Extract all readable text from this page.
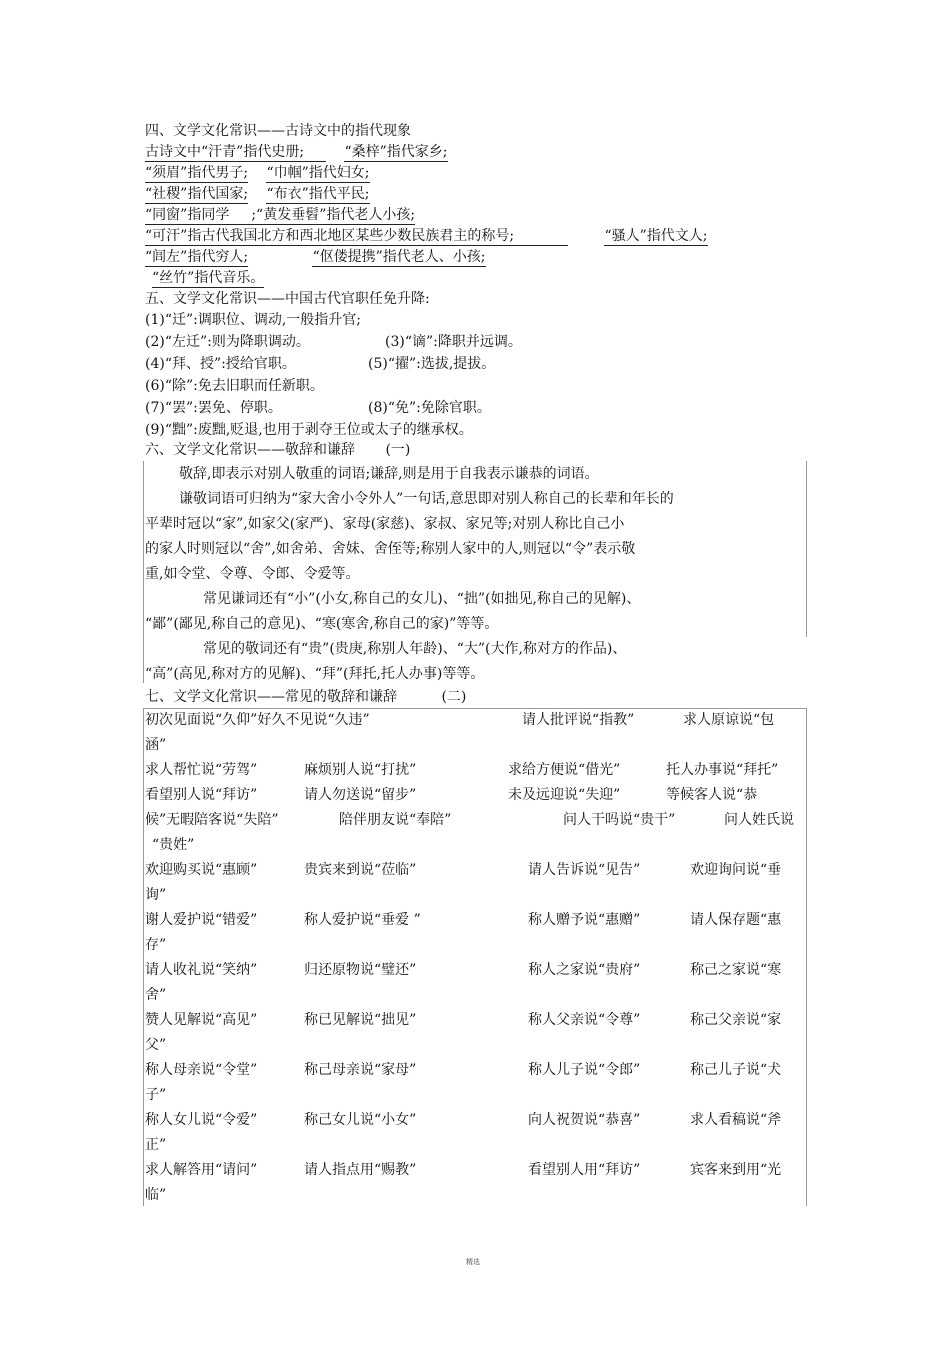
四、文学文化常识——古诗文中的指代现象
古诗文中“汗青”指代史册;	“桑梓”指代家乡;
“须眉”指代男子; “巾帼”指代妇女;
“社稷”指代国家; “布衣”指代平民;
“同窗”指同学 ;“黄发垂髫”指代老人小孩;
“可汗”指古代我国北方和西北地区某些少数民族君主的称号;	“骚人”指代文人;
“闾左”指代穷人;	“伛偻提携”指代老人、小孩;
“丝竹”指代音乐。
五、文学文化常识——中国古代官职任免升降:
(1)“迁”:调职位、调动,一般指升官;
(2)“左迁”:则为降职调动。	(3)“谪”:降职并远调。
(4)“拜、授”:授给官职。	(5)“擢”:选拔,提拔。
(6)“除”:免去旧职而任新职。
(7)“罢”:罢免、停职。	(8)“免”:免除官职。
(9)“黜”:废黜,贬退,也用于剥夺王位或太子的继承权。
六、文学文化常识——敬辞和谦辞 (一)
敬辞,即表示对别人敬重的词语;谦辞,则是用于自我表示谦恭的词语。
谦敬词语可归纳为“家大舍小令外人”一句话,意思即对别人称自己的长辈和年长的
平辈时冠以“家”,如家父(家严)、家母(家慈)、家叔、家兄等;对别人称比自己小
的家人时则冠以“舍”,如舍弟、舍妹、舍侄等;称别人家中的人,则冠以“令”表示敬
重,如令堂、令尊、令郎、令爱等。
常见谦词还有“小”(小女,称自己的女儿)、“拙”(如拙见,称自己的见解)、
“鄙”(鄙见,称自己的意见)、“寒(寒舍,称自己的家)”等等。
常见的敬词还有“贵”(贵庚,称别人年龄)、“大”(大作,称对方的作品)、
“高”(高见,称对方的见解)、“拜”(拜托,托人办事)等等。
七、文学文化常识——常见的敬辞和谦辞	(二)
初次见面说“久仰”好久不见说“久违”	请人批评说“指教”	求人原谅说“包
涵”
求人帮忙说“劳驾”	麻烦别人说“打扰”	求给方便说“借光”	托人办事说“拜托”
看望别人说“拜访”	请人勿送说“留步”	未及远迎说“失迎”	等候客人说“恭
候”无暇陪客说“失陪”	陪伴朋友说“奉陪”	问人干吗说“贵干”	问人姓氏说
“贵姓”
欢迎购买说“惠顾”	贵宾来到说“莅临”	请人告诉说“见告”	欢迎询问说“垂
询”
谢人爱护说“错爱”	称人爱护说“垂爱 ”	称人赠予说“惠赠”	请人保存题“惠
存”
请人收礼说“笑纳”	归还原物说“璧还”	称人之家说“贵府”	称己之家说“寒
舍”
赞人见解说“高见”	称已见解说“拙见”	称人父亲说“令尊”	称己父亲说“家
父”
称人母亲说“令堂”	称己母亲说“家母”	称人儿子说“令郎”	称己儿子说“犬
子”
称人女儿说“令爱”	称己女儿说“小女”	向人祝贺说“恭喜”	求人看稿说“斧
正”
求人解答用“请问”	请人指点用“赐教”	看望别人用“拜访”	宾客来到用“光
临”
精选
